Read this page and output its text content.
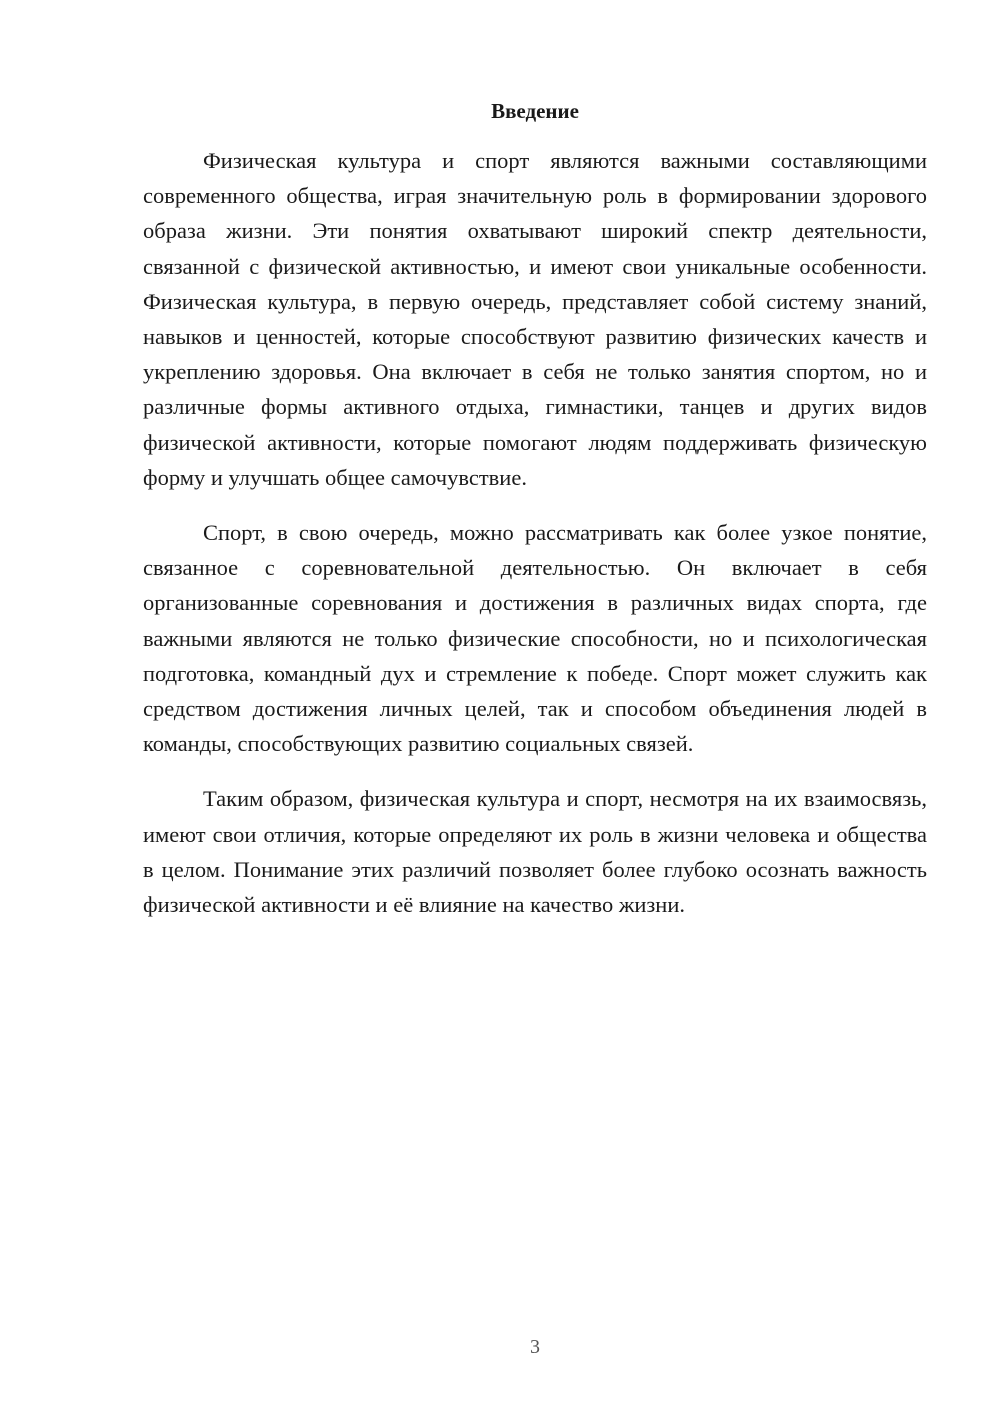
Введение

Физическая культура и спорт являются важными составляющими современного общества, играя значительную роль в формировании здорового образа жизни. Эти понятия охватывают широкий спектр деятельности, связанной с физической активностью, и имеют свои уникальные особенности. Физическая культура, в первую очередь, представляет собой систему знаний, навыков и ценностей, которые способствуют развитию физических качеств и укреплению здоровья. Она включает в себя не только занятия спортом, но и различные формы активного отдыха, гимнастики, танцев и других видов физической активности, которые помогают людям поддерживать физическую форму и улучшать общее самочувствие.

Спорт, в свою очередь, можно рассматривать как более узкое понятие, связанное с соревновательной деятельностью. Он включает в себя организованные соревнования и достижения в различных видах спорта, где важными являются не только физические способности, но и психологическая подготовка, командный дух и стремление к победе. Спорт может служить как средством достижения личных целей, так и способом объединения людей в команды, способствующих развитию социальных связей.

Таким образом, физическая культура и спорт, несмотря на их взаимосвязь, имеют свои отличия, которые определяют их роль в жизни человека и общества в целом. Понимание этих различий позволяет более глубоко осознать важность физической активности и её влияние на качество жизни.

3
